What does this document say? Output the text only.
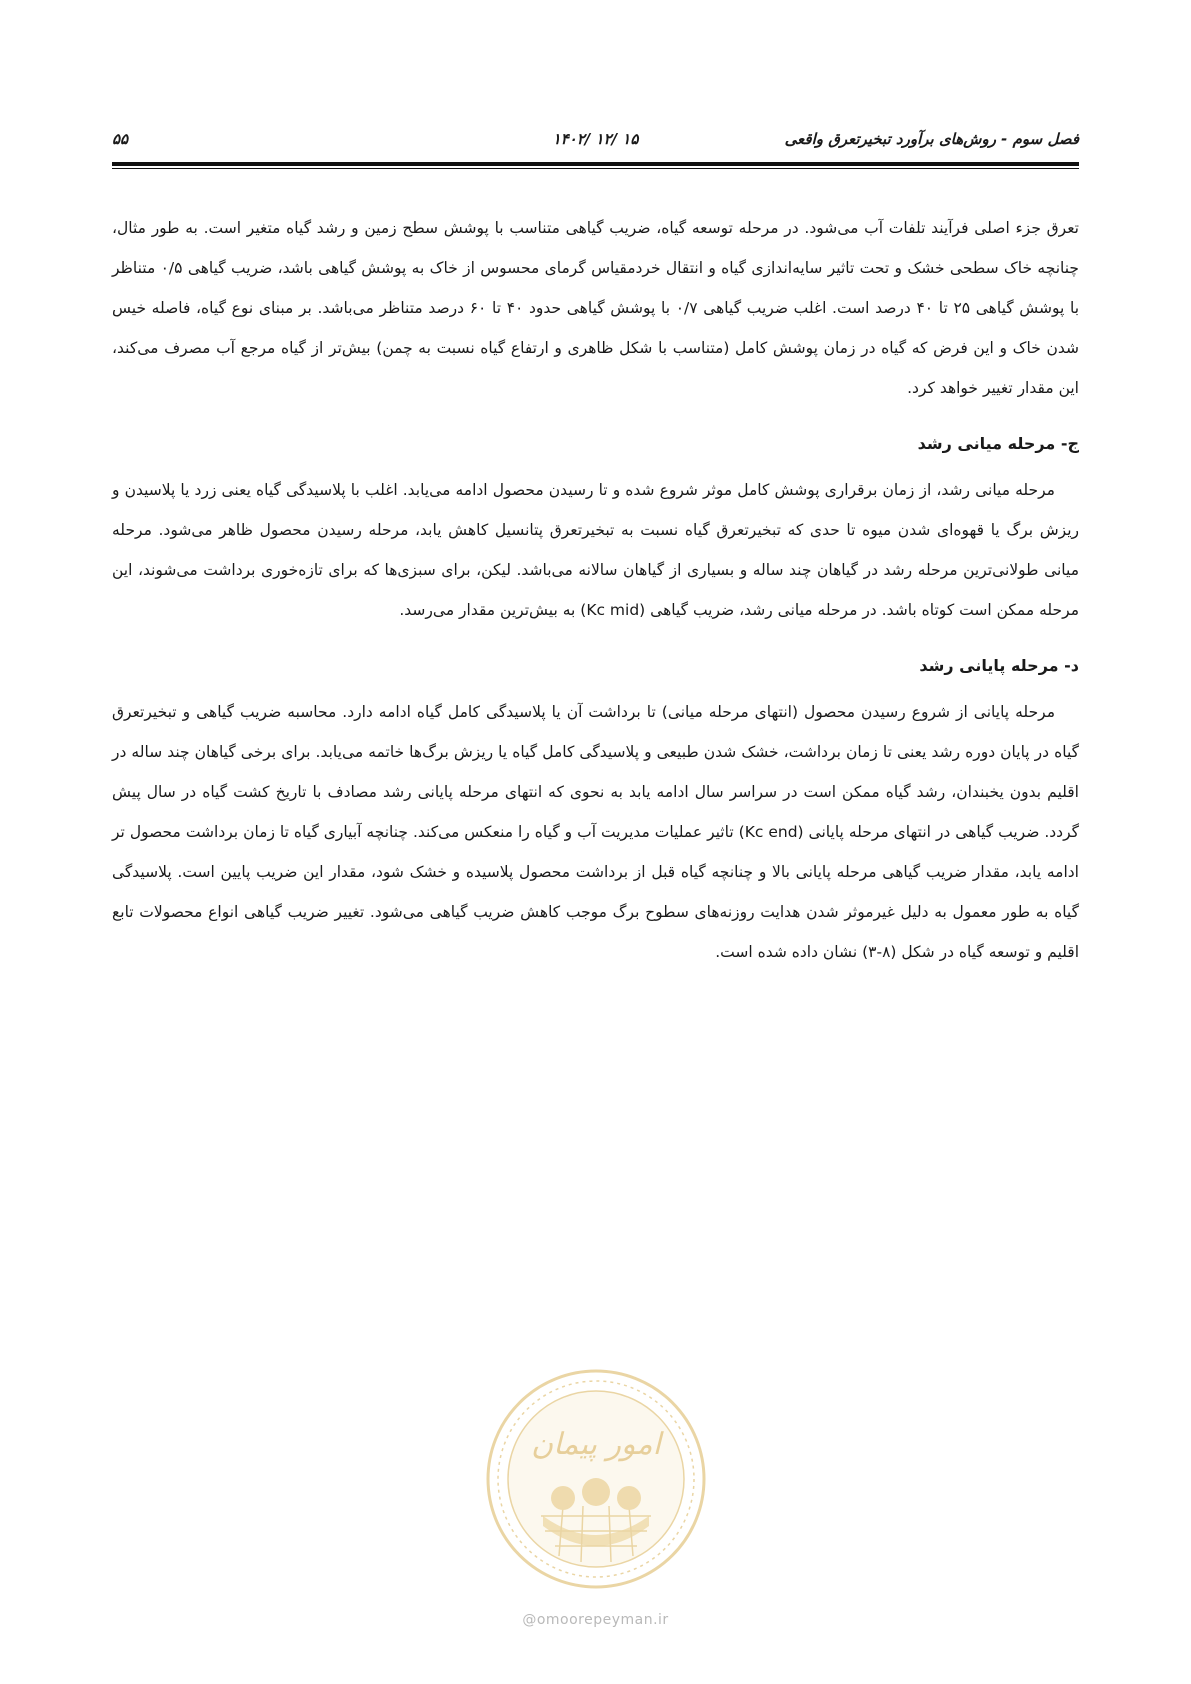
فصل سوم - روش‌های برآورد تبخیرتعرق واقعی
۱۴۰۲/ ۱۲/ ۱۵
۵۵

تعرق جزء اصلی فرآیند تلفات آب می‌شود. در مرحله توسعه گیاه، ضریب گیاهی متناسب با پوشش سطح زمین و رشد گیاه متغیر است. به طور مثال، چنانچه خاک سطحی خشک و تحت تاثیر سایه‌اندازی گیاه و انتقال خردمقیاس گرمای محسوس از خاک به پوشش گیاهی باشد، ضریب گیاهی ۰/۵ متناظر با پوشش گیاهی ۲۵ تا ۴۰ درصد است. اغلب ضریب گیاهی ۰/۷ با پوشش گیاهی حدود ۴۰ تا ۶۰ درصد متناظر می‌باشد. بر مبنای نوع گیاه، فاصله خیس شدن خاک و این فرض که گیاه در زمان پوشش کامل (متناسب با شکل ظاهری و ارتفاع گیاه نسبت به چمن) بیش‌تر از گیاه مرجع آب مصرف می‌کند، این مقدار تغییر خواهد کرد.

ج- مرحله میانی رشد

مرحله میانی رشد، از زمان برقراری پوشش کامل موثر شروع شده و تا رسیدن محصول ادامه می‌یابد. اغلب با پلاسیدگی گیاه یعنی زرد یا پلاسیدن و ریزش برگ یا قهوه‌ای شدن میوه تا حدی که تبخیرتعرق گیاه نسبت به تبخیرتعرق پتانسیل کاهش یابد، مرحله رسیدن محصول ظاهر می‌شود. مرحله میانی طولانی‌ترین مرحله رشد در گیاهان چند ساله و بسیاری از گیاهان سالانه می‌باشد. لیکن، برای سبزی‌ها که برای تازه‌خوری برداشت می‌شوند، این مرحله ممکن است کوتاه باشد. در مرحله میانی رشد، ضریب گیاهی (Kc mid) به بیش‌ترین مقدار می‌رسد.

د- مرحله پایانی رشد

مرحله پایانی از شروع رسیدن محصول (انتهای مرحله میانی) تا برداشت آن یا پلاسیدگی کامل گیاه ادامه دارد. محاسبه ضریب گیاهی و تبخیرتعرق گیاه در پایان دوره رشد یعنی تا زمان برداشت، خشک شدن طبیعی و پلاسیدگی کامل گیاه یا ریزش برگ‌ها خاتمه می‌یابد. برای برخی گیاهان چند ساله در اقلیم بدون یخبندان، رشد گیاه ممکن است در سراسر سال ادامه یابد به نحوی که انتهای مرحله پایانی رشد مصادف با تاریخ کشت گیاه در سال پیش گردد. ضریب گیاهی در انتهای مرحله پایانی (Kc end) تاثیر عملیات مدیریت آب و گیاه را منعکس می‌کند. چنانچه آبیاری گیاه تا زمان برداشت محصول تر ادامه یابد، مقدار ضریب گیاهی مرحله پایانی بالا و چنانچه گیاه قبل از برداشت محصول پلاسیده و خشک شود، مقدار این ضریب پایین است. پلاسیدگی گیاه به طور معمول به دلیل غیرموثر شدن هدایت روزنه‌های سطوح برگ موجب کاهش ضریب گیاهی می‌شود. تغییر ضریب گیاهی انواع محصولات تابع اقلیم و توسعه گیاه در شکل (۸-۳) نشان داده شده است.

امور پیمان
@omoorepeyman.ir
